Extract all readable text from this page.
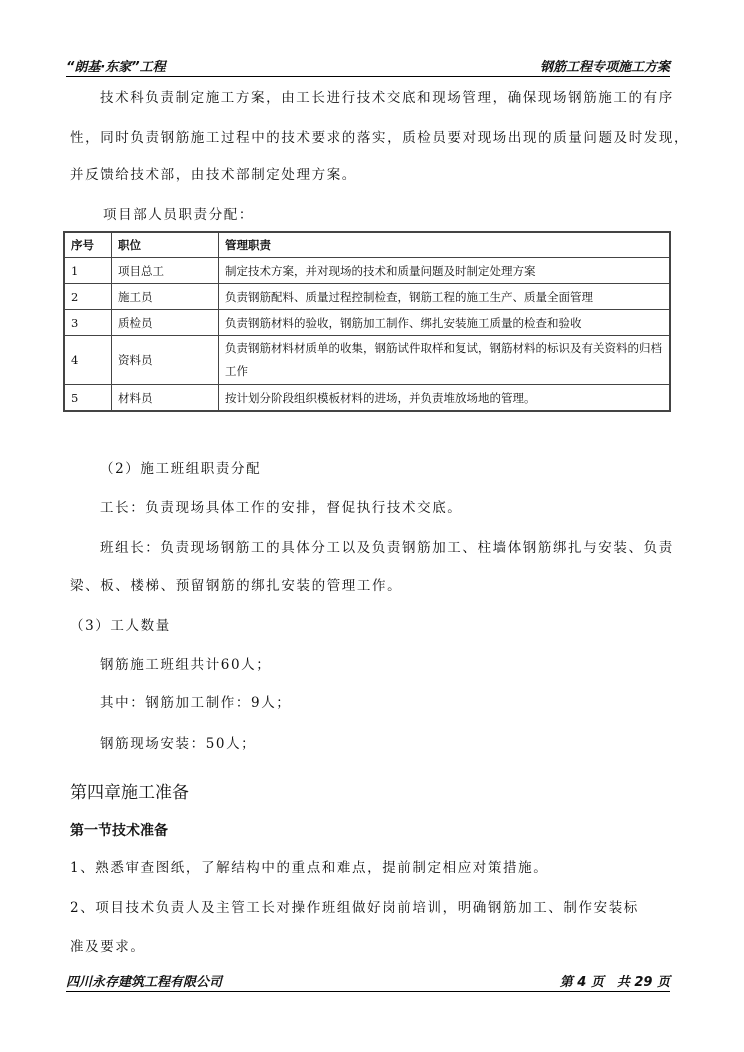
“朗基·东家”工程	钢筋工程专项施工方案
技术科负责制定施工方案，由工长进行技术交底和现场管理，确保现场钢筋施工的有序
性，同时负责钢筋施工过程中的技术要求的落实，质检员要对现场出现的质量问题及时发现，
并反馈给技术部，由技术部制定处理方案。
项目部人员职责分配：
序号	职位	管理职责
1	项目总工	制定技术方案，并对现场的技术和质量问题及时制定处理方案
2	施工员	负责钢筋配料、质量过程控制检查，钢筋工程的施工生产、质量全面管理
3	质检员	负责钢筋材料的验收，钢筋加工制作、绑扎安装施工质量的检查和验收
4	资料员	负责钢筋材料材质单的收集，钢筋试件取样和复试，钢筋材料的标识及有关资料的归档工作
5	材料员	按计划分阶段组织模板材料的进场，并负责堆放场地的管理。
（2）施工班组职责分配
工长：负责现场具体工作的安排，督促执行技术交底。
班组长：负责现场钢筋工的具体分工以及负责钢筋加工、柱墙体钢筋绑扎与安装、负责
梁、板、楼梯、预留钢筋的绑扎安装的管理工作。
（3）工人数量
钢筋施工班组共计60人；
其中：钢筋加工制作：9人；
钢筋现场安装：50人；
第四章施工准备
第一节技术准备
1、熟悉审查图纸，了解结构中的重点和难点，提前制定相应对策措施。
2、项目技术负责人及主管工长对操作班组做好岗前培训，明确钢筋加工、制作安装标
准及要求。
四川永存建筑工程有限公司	第 4 页　共 29 页
